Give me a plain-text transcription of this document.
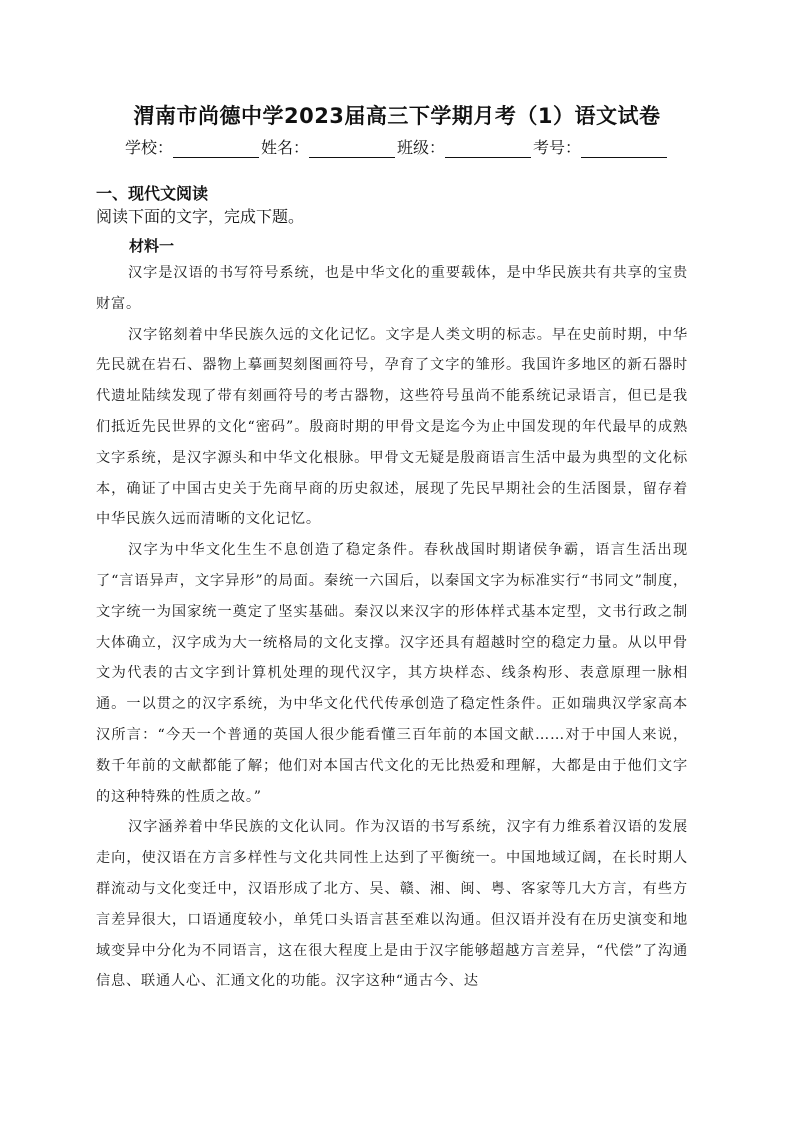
渭南市尚德中学2023届高三下学期月考（1）语文试卷
学校：	姓名：	班级：	考号：
一、现代文阅读
阅读下面的文字，完成下题。
材料一

汉字是汉语的书写符号系统，也是中华文化的重要载体，是中华民族共有共享的宝贵财富。

汉字铭刻着中华民族久远的文化记忆。文字是人类文明的标志。早在史前时期，中华先民就在岩石、器物上摹画契刻图画符号，孕育了文字的雏形。我国许多地区的新石器时代遗址陆续发现了带有刻画符号的考古器物，这些符号虽尚不能系统记录语言，但已是我们抵近先民世界的文化“密码”。殷商时期的甲骨文是迄今为止中国发现的年代最早的成熟文字系统，是汉字源头和中华文化根脉。甲骨文无疑是殷商语言生活中最为典型的文化标本，确证了中国古史关于先商早商的历史叙述，展现了先民早期社会的生活图景，留存着中华民族久远而清晰的文化记忆。

汉字为中华文化生生不息创造了稳定条件。春秋战国时期诸侯争霸，语言生活出现了“言语异声，文字异形”的局面。秦统一六国后，以秦国文字为标准实行“书同文”制度，文字统一为国家统一奠定了坚实基础。秦汉以来汉字的形体样式基本定型，文书行政之制大体确立，汉字成为大一统格局的文化支撑。汉字还具有超越时空的稳定力量。从以甲骨文为代表的古文字到计算机处理的现代汉字，其方块样态、线条构形、表意原理一脉相通。一以贯之的汉字系统，为中华文化代代传承创造了稳定性条件。正如瑞典汉学家高本汉所言：“今天一个普通的英国人很少能看懂三百年前的本国文献……对于中国人来说，数千年前的文献都能了解；他们对本国古代文化的无比热爱和理解，大都是由于他们文字的这种特殊的性质之故。”

汉字涵养着中华民族的文化认同。作为汉语的书写系统，汉字有力维系着汉语的发展走向，使汉语在方言多样性与文化共同性上达到了平衡统一。中国地域辽阔，在长时期人群流动与文化变迁中，汉语形成了北方、吴、赣、湘、闽、粤、客家等几大方言，有些方言差异很大，口语通度较小，单凭口头语言甚至难以沟通。但汉语并没有在历史演变和地域变异中分化为不同语言，这在很大程度上是由于汉字能够超越方言差异，“代偿”了沟通信息、联通人心、汇通文化的功能。汉字这种“通古今、达
